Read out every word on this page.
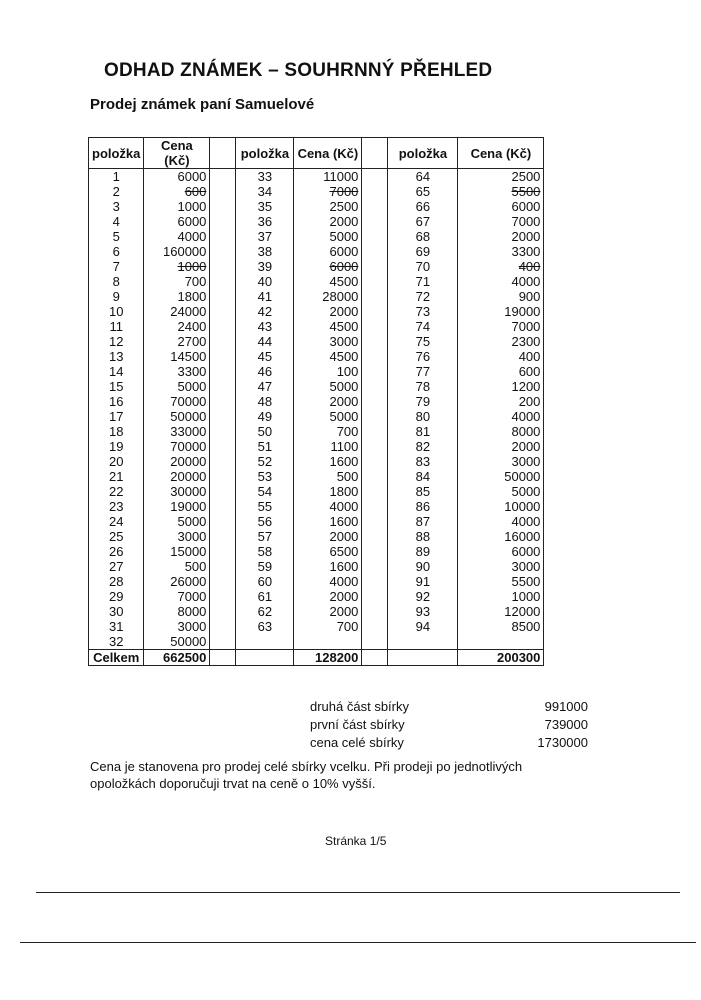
ODHAD ZNÁMEK – SOUHRNNÝ PŘEHLED
Prodej známek paní Samuelové
položka	Cena (Kč)		položka	Cena (Kč)		položka	Cena (Kč)
1	6000		33	11000		64	2500
2	600		34	7000		65	5500
3	1000		35	2500		66	6000
4	6000		36	2000		67	7000
5	4000		37	5000		68	2000
6	160000		38	6000		69	3300
7	1000		39	6000		70	400
8	700		40	4500		71	4000
9	1800		41	28000		72	900
10	24000		42	2000		73	19000
11	2400		43	4500		74	7000
12	2700		44	3000		75	2300
13	14500		45	4500		76	400
14	3300		46	100		77	600
15	5000		47	5000		78	1200
16	70000		48	2000		79	200
17	50000		49	5000		80	4000
18	33000		50	700		81	8000
19	70000		51	1100		82	2000
20	20000		52	1600		83	3000
21	20000		53	500		84	50000
22	30000		54	1800		85	5000
23	19000		55	4000		86	10000
24	5000		56	1600		87	4000
25	3000		57	2000		88	16000
26	15000		58	6500		89	6000
27	500		59	1600		90	3000
28	26000		60	4000		91	5500
29	7000		61	2000		92	1000
30	8000		62	2000		93	12000
31	3000		63	700		94	8500
32	50000						
Celkem	662500			128200			200300
druhá část sbírky	991000
první část sbírky	739000
cena celé sbírky	1730000
Cena je stanovena pro prodej celé sbírky vcelku. Při prodeji po jednotlivých opoložkách doporučuji trvat na ceně o 10% vyšší.
Stránka 1/5
